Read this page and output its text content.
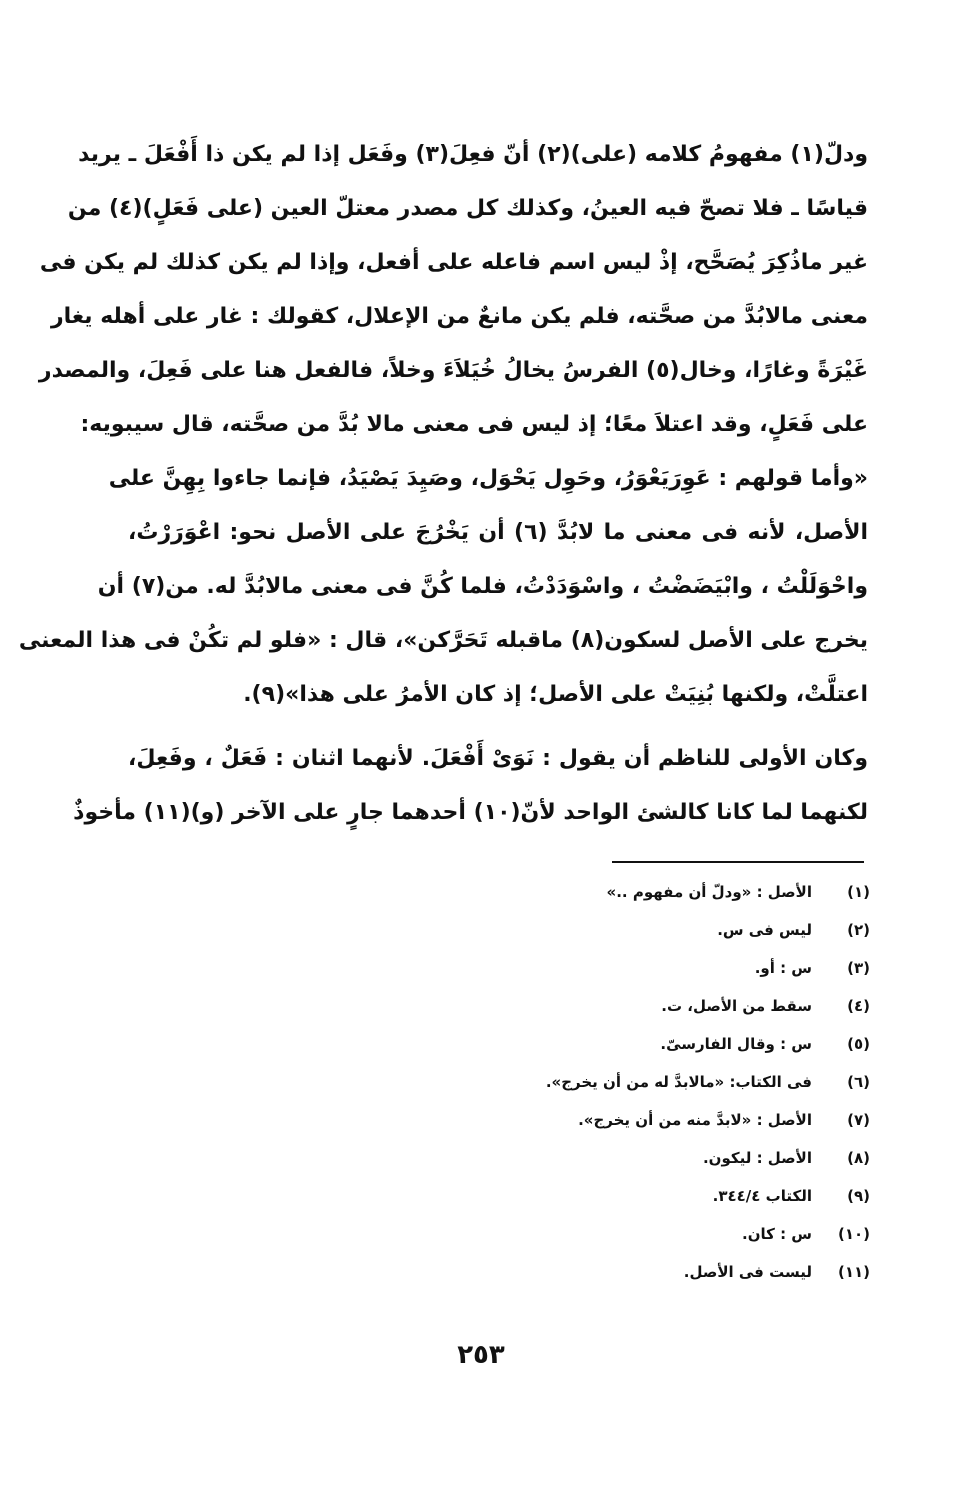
ودلّ(١) مفهومُ كلامه (على)(٢) أنّ فعِلَ(٣) وفَعَل إذا لم يكن ذا أَفْعَلَ ـ يريد
قياسًا ـ فلا تصحّ فيه العينُ، وكذلك كل مصدر معتلّ العين (على فَعَلٍ)(٤) من
غير ماذُكِرَ يُصَحَّح، إذْ ليس اسم فاعله على أفعل، وإذا لم يكن كذلك لم يكن فى
معنى مالابُدَّ من صحَّته، فلم يكن مانعٌ من الإعلال، كقولك : غار على أهله يغار
غَيْرَةً وغارًا، وخال(٥) الفرسُ يخالُ خُيَلاَءَ وخلاً، فالفعل هنا على فَعِلَ، والمصدر
على فَعَلٍ، وقد اعتلاَ معًا؛ إذ ليس فى معنى مالا بُدَّ من صحَّته، قال سيبويه:
«وأما قولهم : عَوِرَيَعْوَرُ، وحَوِل يَحْوَل، وصَيِدَ يَصْيَدُ، فإنما جاءوا بِهِنَّ على
الأصل، لأنه فى معنى ما لابُدَّ (٦) أن يَخْرُجَ على الأصل نحو: اعْوَرَرْتُ،
واحْوَلَلْتُ ، وابْيَضَضْتُ ، واسْوَدَدْتُ، فلما كُنَّ فى معنى مالابُدَّ له. من(٧) أن
يخرج على الأصل لسكون(٨) ماقبله تَحَرَّكن»، قال : «فلو لم تكُنْ فى هذا المعنى
اعتلَّتْ، ولكنها بُنِيَتْ على الأصل؛ إذ كان الأمرُ على هذا»(٩).
وكان الأولى للناظم أن يقول : نَوَىْ أَفْعَلَ. لأنهما اثنان : فَعَلٌ ، وفَعِلَ،
لكنهما لما كانا كالشئ الواحد لأنّ(١٠) أحدهما جارٍ على الآخر (و)(١١) مأخوذٌ
(١)
الأصل : «ودلّ أن مفهوم ..»
(٢)
ليس فى س.
(٣)
س : أو.
(٤)
سقط من الأصل، ت.
(٥)
س : وقال الفارسىّ.
(٦)
فى الكتاب: «مالابدَّ له من أن يخرج».
(٧)
الأصل : «لابدَّ منه من أن يخرج».
(٨)
الأصل : ليكون.
(٩)
الكتاب ٣٤٤/٤.
(١٠)
س : كان.
(١١)
ليست فى الأصل.
٢٥٣
